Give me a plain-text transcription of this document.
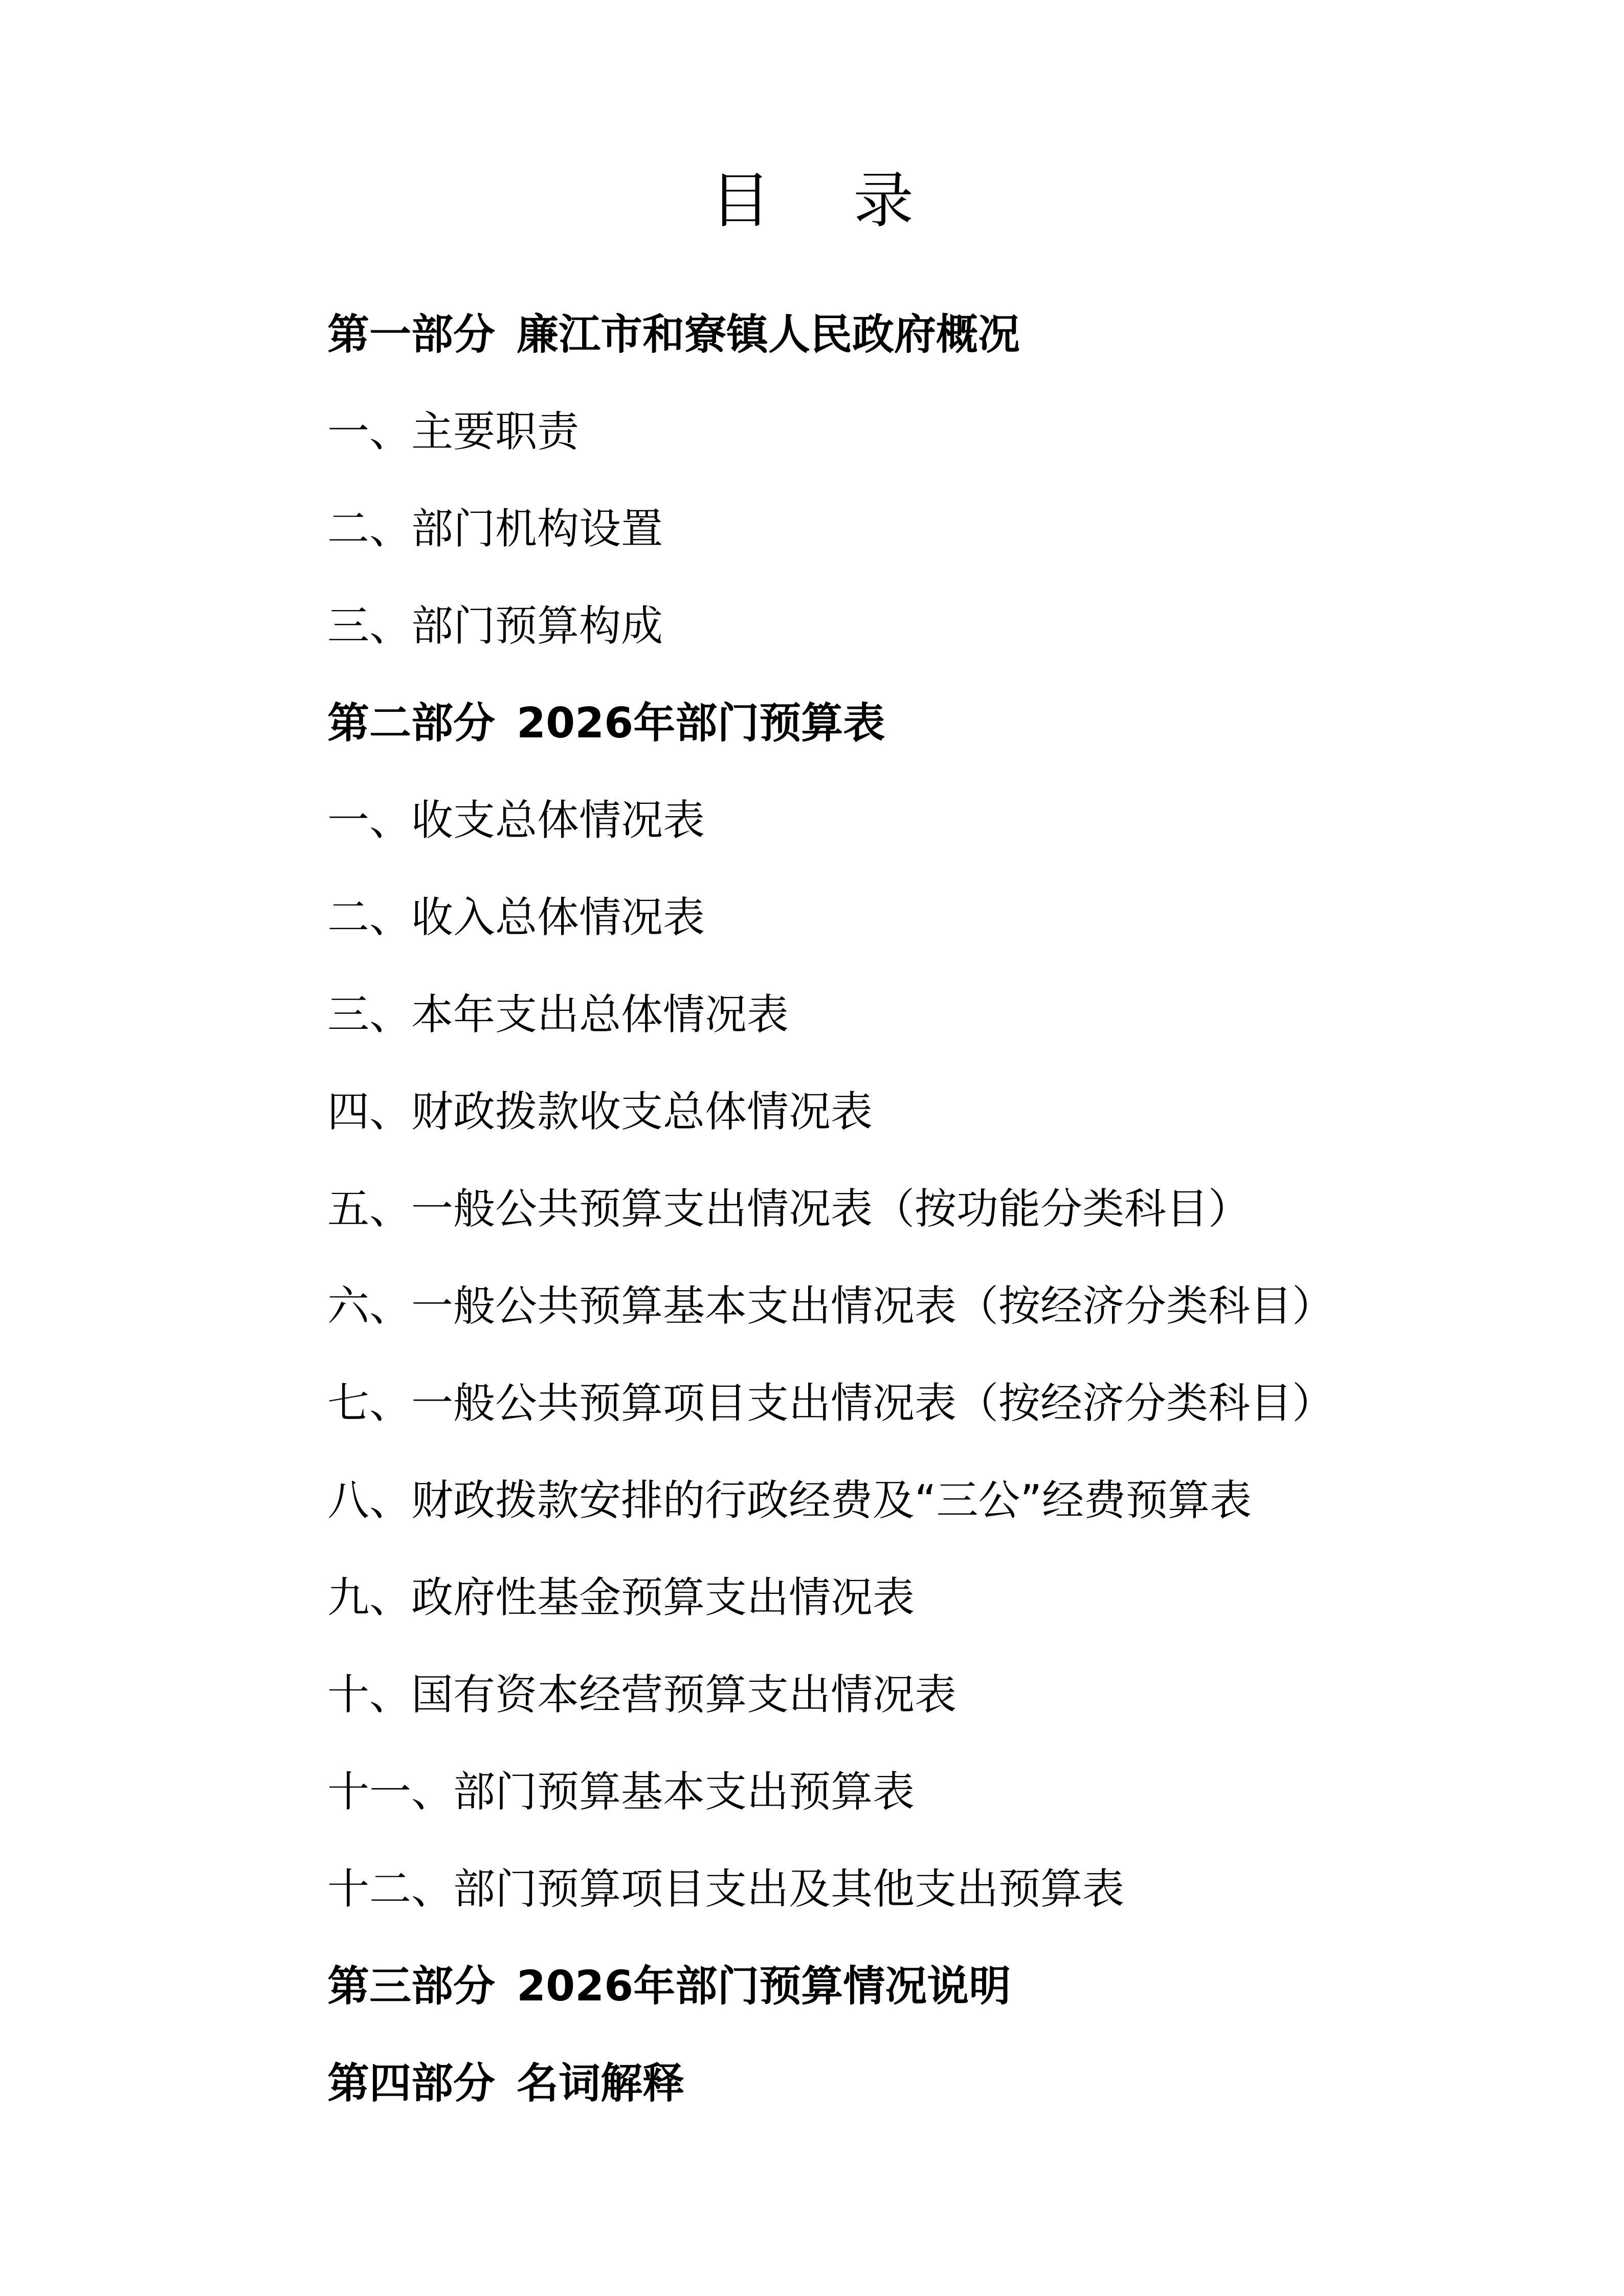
目 录
第一部分 廉江市和寮镇人民政府概况
一、主要职责
二、部门机构设置
三、部门预算构成
第二部分 2026年部门预算表
一、收支总体情况表
二、收入总体情况表
三、本年支出总体情况表
四、财政拨款收支总体情况表
五、一般公共预算支出情况表（按功能分类科目）
六、一般公共预算基本支出情况表（按经济分类科目）
七、一般公共预算项目支出情况表（按经济分类科目）
八、财政拨款安排的行政经费及“三公”经费预算表
九、政府性基金预算支出情况表
十、国有资本经营预算支出情况表
十一、部门预算基本支出预算表
十二、部门预算项目支出及其他支出预算表
第三部分 2026年部门预算情况说明
第四部分 名词解释
